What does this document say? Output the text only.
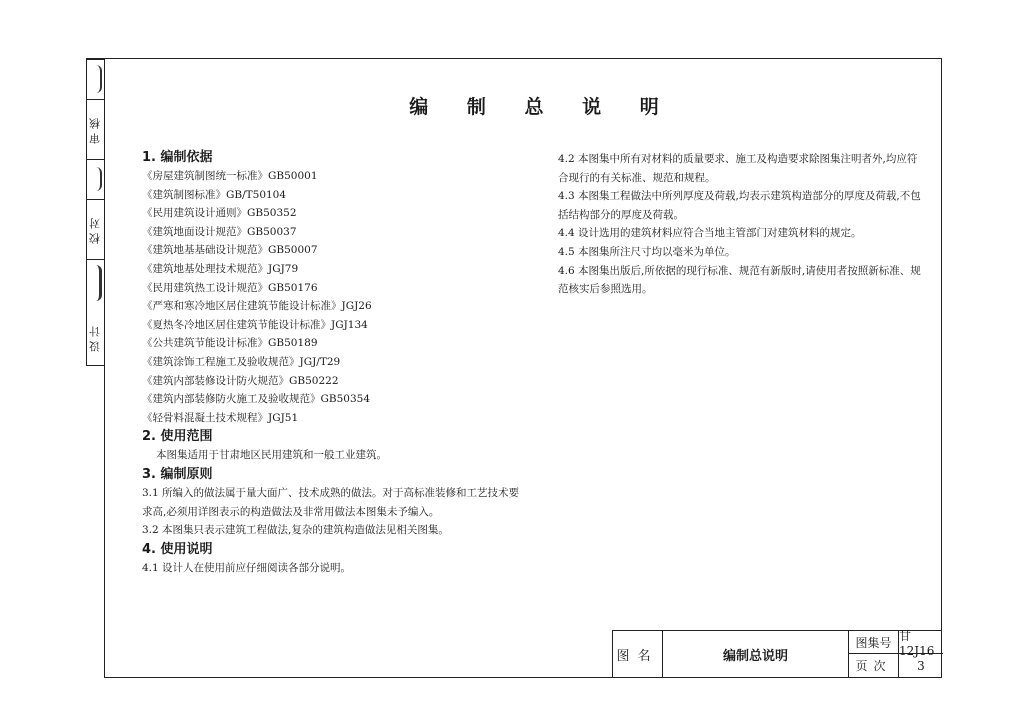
审核
校对
设计
编 制 总 说 明

1. 编制依据

《房屋建筑制图统一标准》GB50001

《建筑制图标准》GB/T50104

《民用建筑设计通则》GB50352

《建筑地面设计规范》GB50037

《建筑地基基础设计规范》GB50007

《建筑地基处理技术规范》JGJ79

《民用建筑热工设计规范》GB50176

《严寒和寒冷地区居住建筑节能设计标准》JGJ26

《夏热冬冷地区居住建筑节能设计标准》JGJ134

《公共建筑节能设计标准》GB50189

《建筑涂饰工程施工及验收规范》JGJ/T29

《建筑内部装修设计防火规范》GB50222

《建筑内部装修防火施工及验收规范》GB50354

《轻骨料混凝土技术规程》JGJ51

2. 使用范围

本图集适用于甘肃地区民用建筑和一般工业建筑。

3. 编制原则

3.1 所编入的做法属于量大面广、技术成熟的做法。对于高标准装修和工艺技术要求高,必须用详图表示的构造做法及非常用做法本图集未予编入。

3.2 本图集只表示建筑工程做法,复杂的建筑构造做法见相关图集。

4. 使用说明

4.1 设计人在使用前应仔细阅读各部分说明。

4.2 本图集中所有对材料的质量要求、施工及构造要求除图集注明者外,均应符合现行的有关标准、规范和规程。

4.3 本图集工程做法中所列厚度及荷载,均表示建筑构造部分的厚度及荷载,不包括结构部分的厚度及荷载。

4.4 设计选用的建筑材料应符合当地主管部门对建筑材料的规定。

4.5 本图集所注尺寸均以毫米为单位。

4.6 本图集出版后,所依据的现行标准、规范有新版时,请使用者按照新标准、规范核实后参照选用。

图名	编制总说明
图集号 甘12J16
页次	3
